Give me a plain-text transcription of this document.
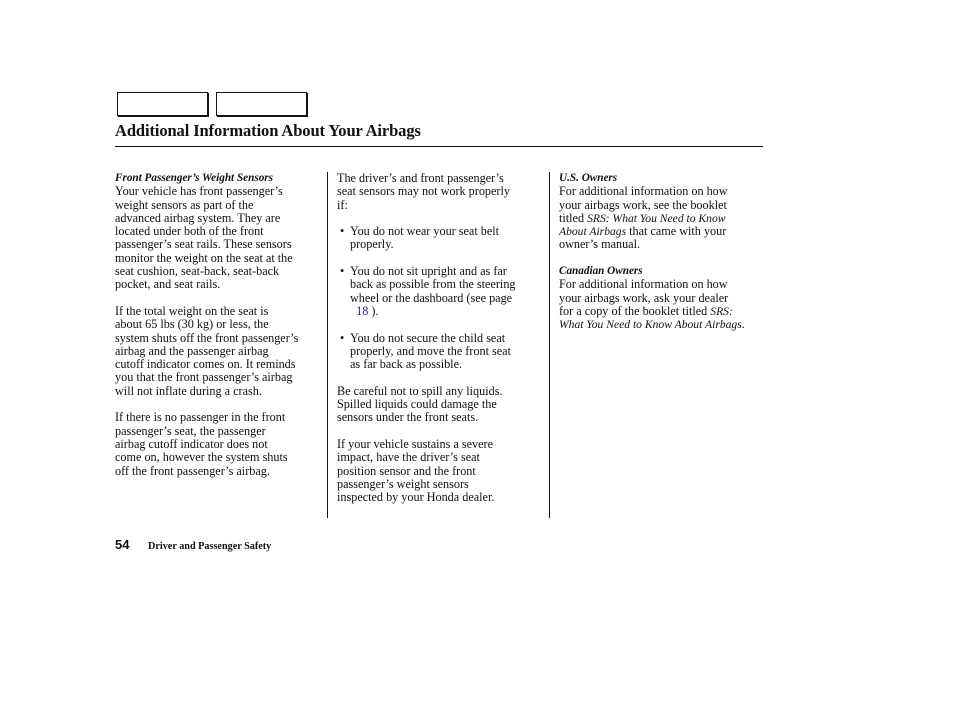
Additional Information About Your Airbags
Front Passenger’s Weight Sensors
Your vehicle has front passenger’s
weight sensors as part of the
advanced airbag system. They are
located under both of the front
passenger’s seat rails. These sensors
monitor the weight on the seat at the
seat cushion, seat-back, seat-back
pocket, and seat rails.
If the total weight on the seat is
about 65 lbs (30 kg) or less, the
system shuts off the front passenger’s
airbag and the passenger airbag
cutoff indicator comes on. It reminds
you that the front passenger’s airbag
will not inflate during a crash.
If there is no passenger in the front
passenger’s seat, the passenger
airbag cutoff indicator does not
come on, however the system shuts
off the front passenger’s airbag.
The driver’s and front passenger’s
seat sensors may not work properly
if:
• You do not wear your seat belt
properly.
• You do not sit upright and as far
back as possible from the steering
wheel or the dashboard (see page
18 ).
• You do not secure the child seat
properly, and move the front seat
as far back as possible.
Be careful not to spill any liquids.
Spilled liquids could damage the
sensors under the front seats.
If your vehicle sustains a severe
impact, have the driver’s seat
position sensor and the front
passenger’s weight sensors
inspected by your Honda dealer.
U.S. Owners
For additional information on how
your airbags work, see the booklet
titled SRS: What You Need to Know
About Airbags that came with your
owner’s manual.
Canadian Owners
For additional information on how
your airbags work, ask your dealer
for a copy of the booklet titled SRS:
What You Need to Know About Airbags.
54 Driver and Passenger Safety
